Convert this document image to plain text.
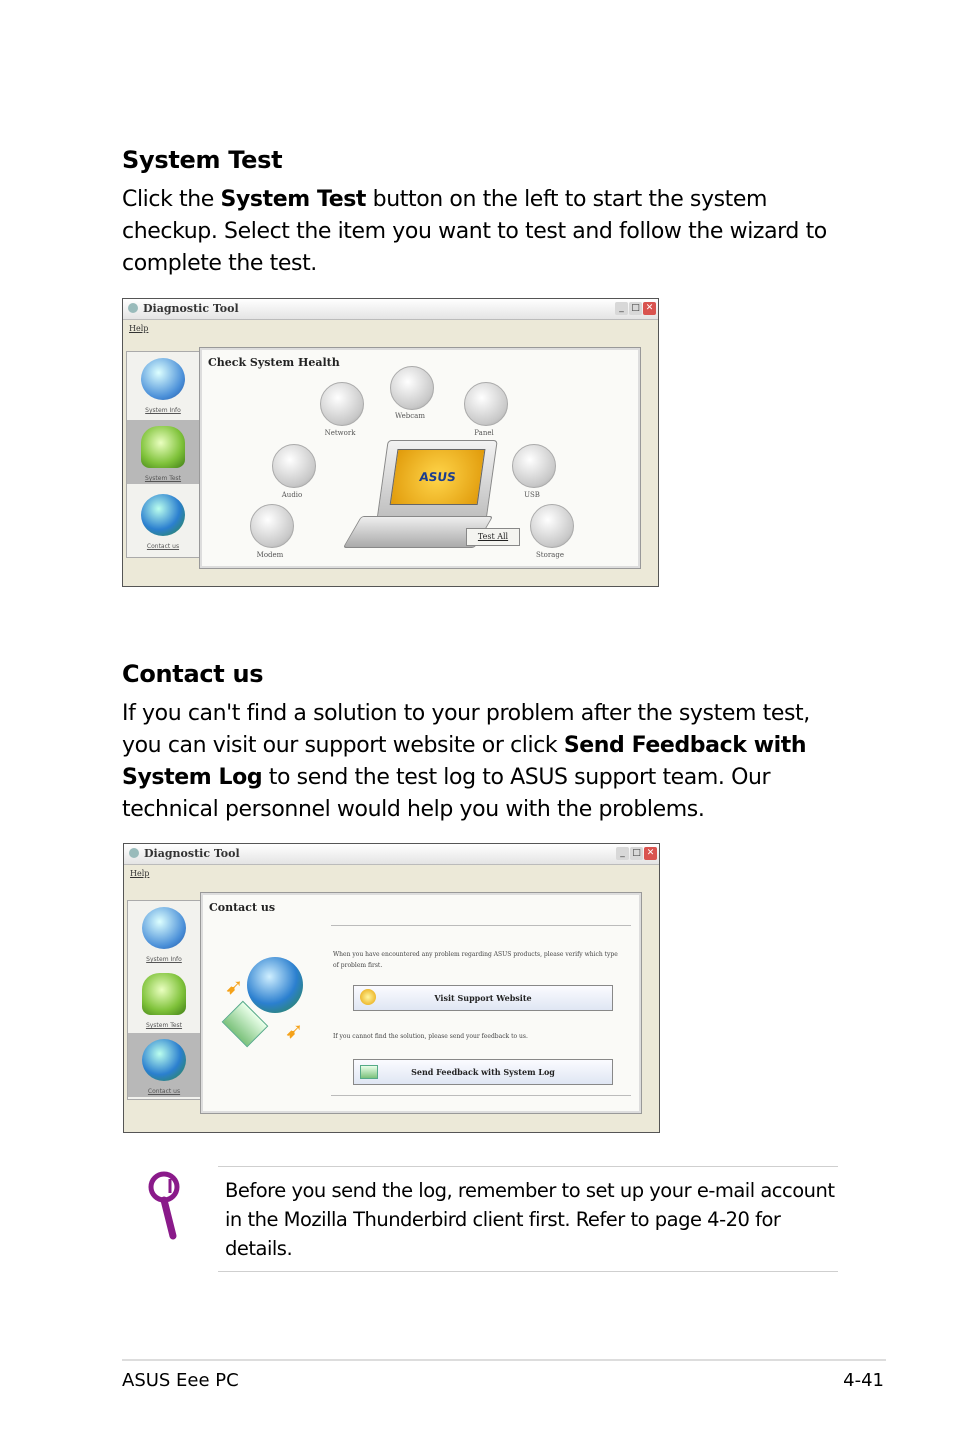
System Test
Click the System Test button on the left to start the system checkup. Select the item you want to test and follow the wizard to complete the test.
Diagnostic Tool	_ □ ✕
Help
System Info
System Test
Contact us
Check System Health
ASUS
Network
Webcam
Panel
Audio	USB
Modem	Storage
Test All
Contact us
If you can't find a solution to your problem after the system test, you can visit our support website or click Send Feedback with System Log to send the test log to ASUS support team. Our technical personnel would help you with the problems.
Diagnostic Tool	_ □ ✕
Help
System Info
System Test
Contact us
Contact us
➹
➹
When you have encountered any problem regarding ASUS products, please verify which type of problem first.
Visit Support Website
If you cannot find the solution, please send your feedback to us.
Send Feedback with System Log
Before you send the log, remember to set up your e-mail account in the Mozilla Thunderbird client first. Refer to page 4-20 for details.
ASUS Eee PC	4-41
